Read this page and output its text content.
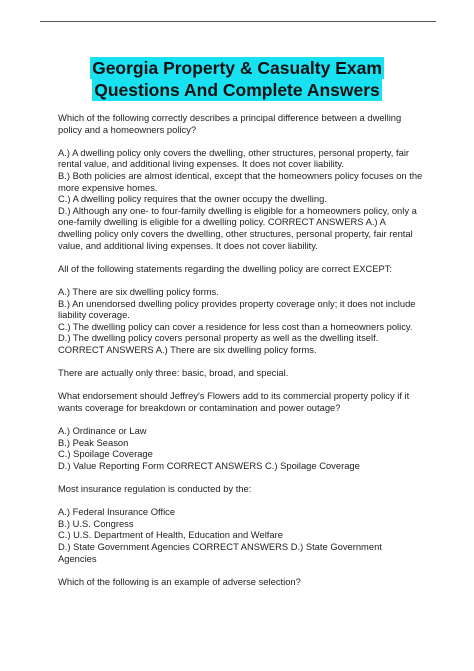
Georgia Property & Casualty Exam
Questions And Complete Answers
Which of the following correctly describes a principal difference between a dwelling
policy and a homeowners policy?
A.) A dwelling policy only covers the dwelling, other structures, personal property, fair
rental value, and additional living expenses. It does not cover liability.
B.) Both policies are almost identical, except that the homeowners policy focuses on the
more expensive homes.
C.) A dwelling policy requires that the owner occupy the dwelling.
D.) Although any one- to four-family dwelling is eligible for a homeowners policy, only a
one-family dwelling is eligible for a dwelling policy. CORRECT ANSWERS A.) A
dwelling policy only covers the dwelling, other structures, personal property, fair rental
value, and additional living expenses. It does not cover liability.
All of the following statements regarding the dwelling policy are correct EXCEPT:
A.) There are six dwelling policy forms.
B.) An unendorsed dwelling policy provides property coverage only; it does not include
liability coverage.
C.) The dwelling policy can cover a residence for less cost than a homeowners policy.
D.) The dwelling policy covers personal property as well as the dwelling itself.
CORRECT ANSWERS A.) There are six dwelling policy forms.
There are actually only three: basic, broad, and special.
What endorsement should Jeffrey's Flowers add to its commercial property policy if it
wants coverage for breakdown or contamination and power outage?
A.) Ordinance or Law
B.) Peak Season
C.) Spoilage Coverage
D.) Value Reporting Form CORRECT ANSWERS C.) Spoilage Coverage
Most insurance regulation is conducted by the:
A.) Federal Insurance Office
B.) U.S. Congress
C.) U.S. Department of Health, Education and Welfare
D.) State Government Agencies CORRECT ANSWERS D.) State Government
Agencies
Which of the following is an example of adverse selection?
